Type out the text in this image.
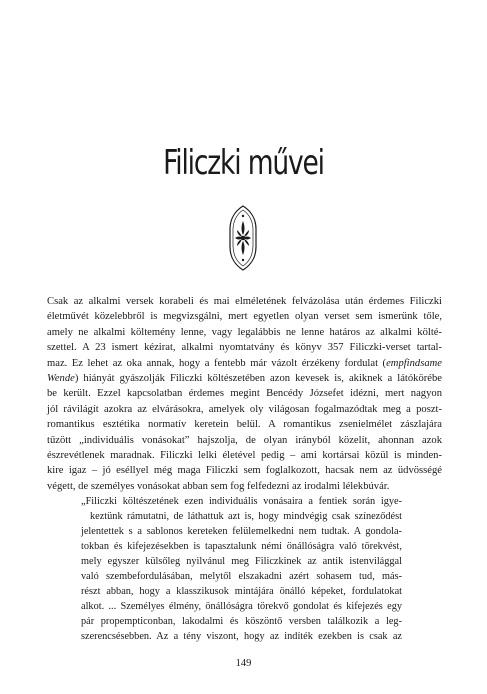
Filiczki művei
Csak az alkalmi versek korabeli és mai elméletének felvázolása után érdemes Filiczki
életművét közelebbről is megvizsgálni, mert egyetlen olyan verset sem ismerünk tőle,
amely ne alkalmi költemény lenne, vagy legalábbis ne lenne határos az alkalmi költé-
szettel. A 23 ismert kézirat, alkalmi nyomtatvány és könyv 357 Filiczki-verset tartal-
maz. Ez lehet az oka annak, hogy a fentebb már vázolt érzékeny fordulat (empfindsame
Wende) hiányát gyászolják Filiczki költészetében azon kevesek is, akiknek a látókörébe
be került. Ezzel kapcsolatban érdemes megint Bencédy Józsefet idézni, mert nagyon
jól rávilágít azokra az elvárásokra, amelyek oly világosan fogalmazódtak meg a poszt-
romantikus esztétika normatív keretein belül. A romantikus zsenielmélet zászlajára
tűzött „individuális vonásokat” hajszolja, de olyan irányból közelít, ahonnan azok
észrevétlenek maradnak. Filiczki lelki életével pedig – ami kortársai közül is minden-
kire igaz – jó eséllyel még maga Filiczki sem foglalkozott, hacsak nem az üdvösségé
végett, de személyes vonásokat abban sem fog felfedezni az irodalmi lélekbúvár.
„Filiczki költészetének ezen individuális vonásaira a fentiek során igye-
keztünk rámutatni, de láthattuk azt is, hogy mindvégig csak színeződést
jelentettek s a sablonos kereteken felülemelkedni nem tudtak. A gondola-
tokban és kifejezésekben is tapasztalunk némi önállóságra való törekvést,
mely egyszer külsőleg nyilvánul meg Filiczkinek az antik istenvilággal
való szembefordulásában, melytől elszakadni azért sohasem tud, más-
részt abban, hogy a klasszikusok mintájára önálló képeket, fordulatokat
alkot. ... Személyes élmény, önállóságra törekvő gondolat és kifejezés egy
pár propempticonban, lakodalmi és köszöntő versben találkozik a leg-
szerencsésebben. Az a tény viszont, hogy az indíték ezekben is csak az
149
